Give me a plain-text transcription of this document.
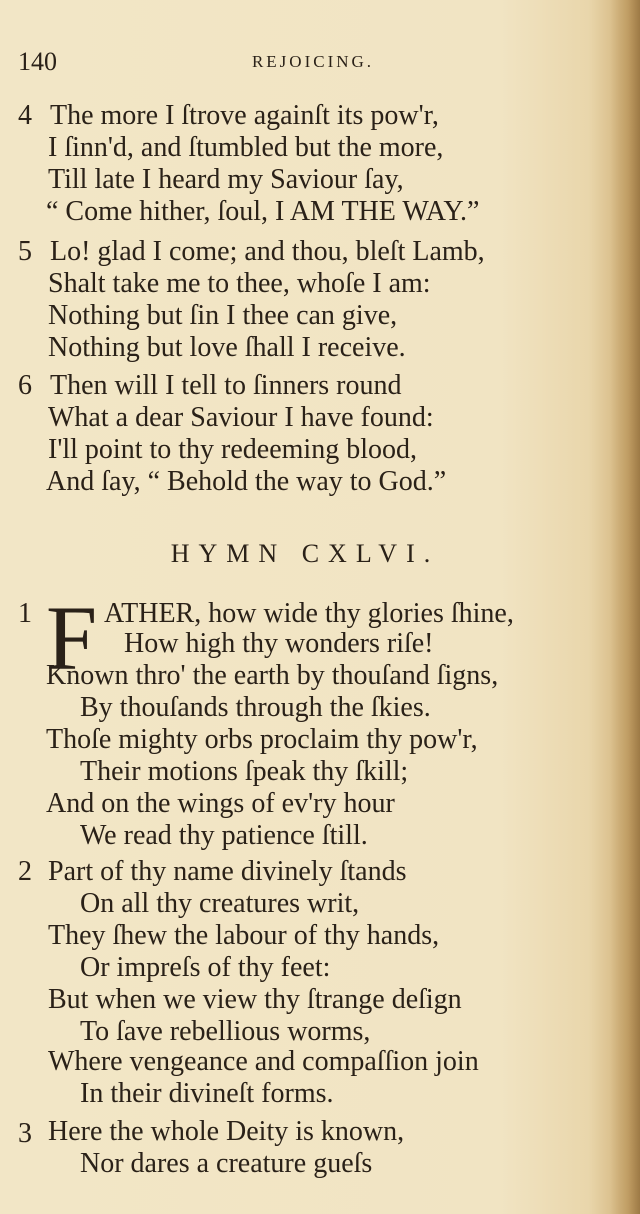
140	REJOICING.
4 The more I ſtrove againſt its pow'r,
I ſinn'd, and ſtumbled but the more,
Till late I heard my Saviour ſay,
“ Come hither, ſoul, I AM THE WAY.”
5 Lo! glad I come; and thou, bleſt Lamb,
Shalt take me to thee, whoſe I am:
Nothing but ſin I thee can give,
Nothing but love ſhall I receive.
6 Then will I tell to ſinners round
What a dear Saviour I have found:
I'll point to thy redeeming blood,
And ſay, “ Behold the way to God.”
HYMN CXLVI.
1 F ATHER, how wide thy glories ſhine,
How high thy wonders riſe!
Known thro' the earth by thouſand ſigns,
By thouſands through the ſkies.
Thoſe mighty orbs proclaim thy pow'r,
Their motions ſpeak thy ſkill;
And on the wings of ev'ry hour
We read thy patience ſtill.
2 Part of thy name divinely ſtands
On all thy creatures writ,
They ſhew the labour of thy hands,
Or impreſs of thy feet:
But when we view thy ſtrange deſign
To ſave rebellious worms,
Where vengeance and compaſſion join
In their divineſt forms.
3 Here the whole Deity is known,
Nor dares a creature gueſs
